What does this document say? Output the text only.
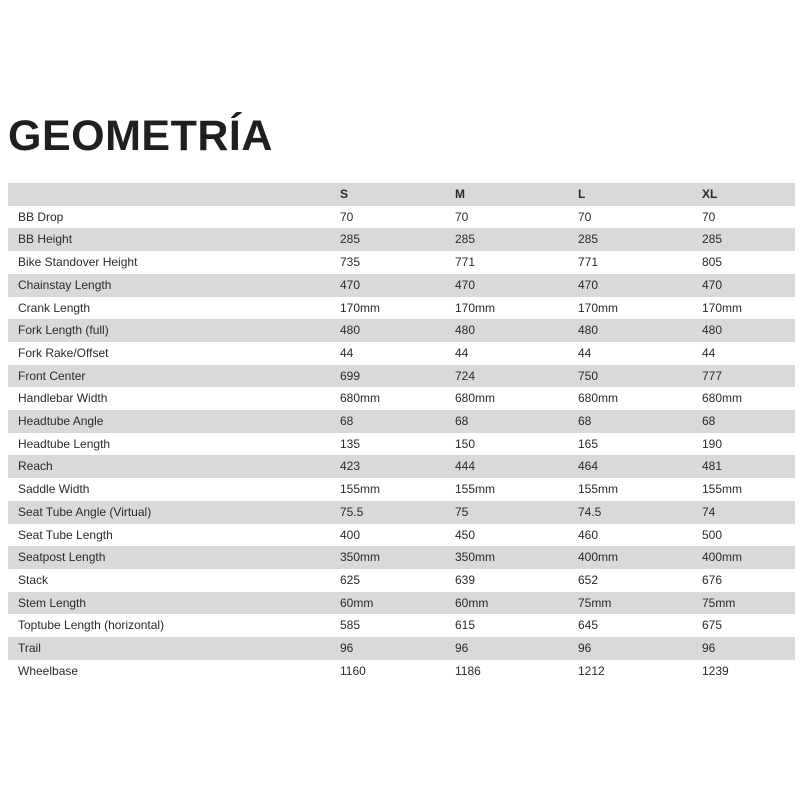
GEOMETRÍA
	S	M	L	XL
BB Drop	70	70	70	70
BB Height	285	285	285	285
Bike Standover Height	735	771	771	805
Chainstay Length	470	470	470	470
Crank Length	170mm	170mm	170mm	170mm
Fork Length (full)	480	480	480	480
Fork Rake/Offset	44	44	44	44
Front Center	699	724	750	777
Handlebar Width	680mm	680mm	680mm	680mm
Headtube Angle	68	68	68	68
Headtube Length	135	150	165	190
Reach	423	444	464	481
Saddle Width	155mm	155mm	155mm	155mm
Seat Tube Angle (Virtual)	75.5	75	74.5	74
Seat Tube Length	400	450	460	500
Seatpost Length	350mm	350mm	400mm	400mm
Stack	625	639	652	676
Stem Length	60mm	60mm	75mm	75mm
Toptube Length (horizontal)	585	615	645	675
Trail	96	96	96	96
Wheelbase	1160	1186	1212	1239
